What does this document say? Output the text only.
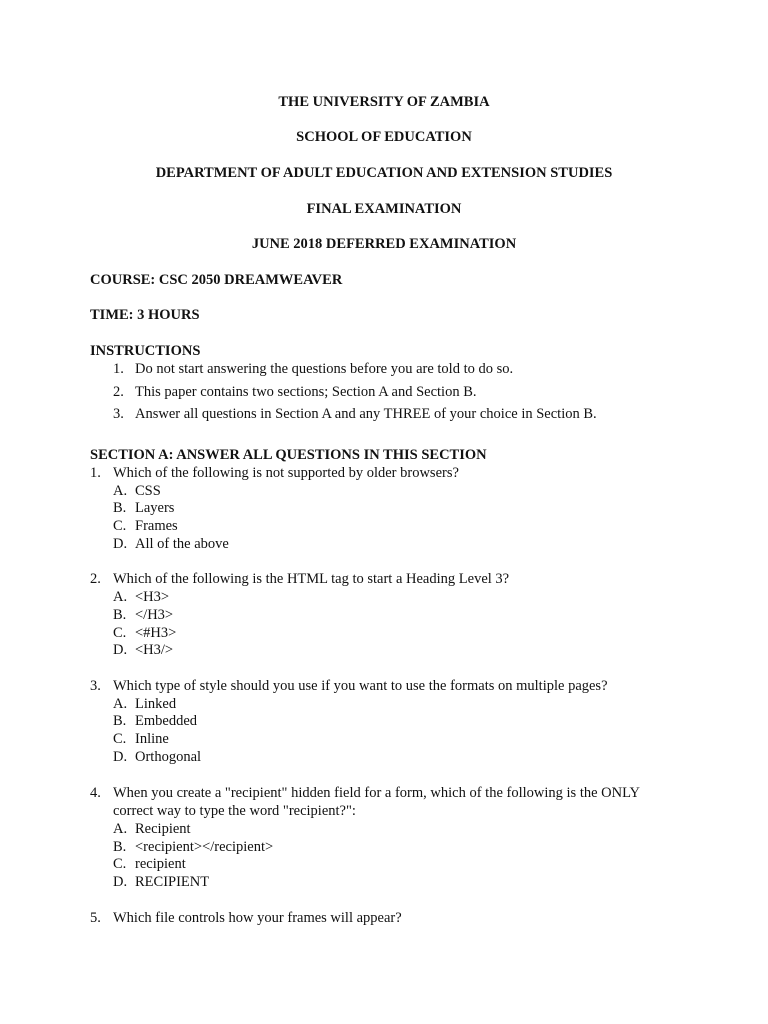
THE UNIVERSITY OF ZAMBIA
SCHOOL OF EDUCATION
DEPARTMENT OF ADULT EDUCATION AND EXTENSION STUDIES
FINAL EXAMINATION
JUNE 2018 DEFERRED EXAMINATION
COURSE: CSC 2050 DREAMWEAVER
TIME: 3 HOURS
INSTRUCTIONS
1. Do not start answering the questions before you are told to do so.
2. This paper contains two sections; Section A and Section B.
3. Answer all questions in Section A and any THREE of your choice in Section B.
SECTION A: ANSWER ALL QUESTIONS IN THIS SECTION
1. Which of the following is not supported by older browsers?
A. CSS
B. Layers
C. Frames
D. All of the above
2. Which of the following is the HTML tag to start a Heading Level 3?
A. <H3>
B. </H3>
C. <#H3>
D. <H3/>
3. Which type of style should you use if you want to use the formats on multiple pages?
A. Linked
B. Embedded
C. Inline
D. Orthogonal
4. When you create a "recipient" hidden field for a form, which of the following is the ONLY
correct way to type the word "recipient?":
A. Recipient
B. <recipient></recipient>
C. recipient
D. RECIPIENT
5. Which file controls how your frames will appear?
